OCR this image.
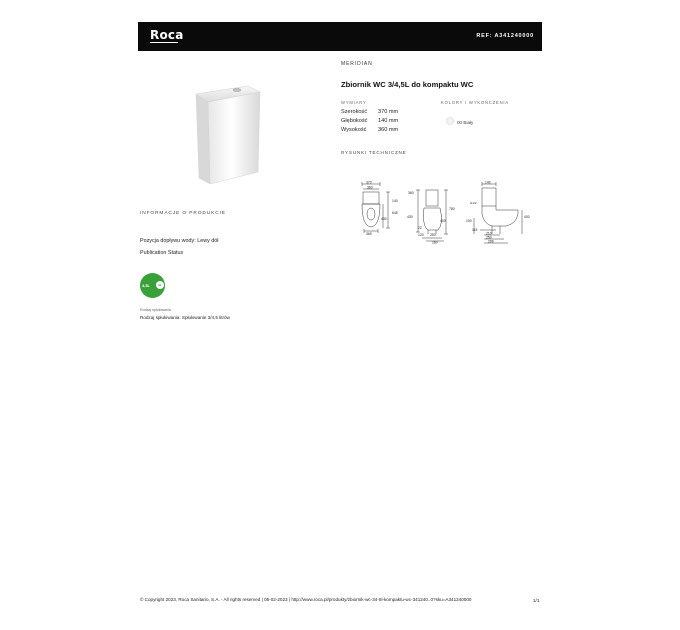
Roca	REF: A341240000
MERIDIAN
Zbiornik WC 3/4,5L do kompaktu WC
WYMIARY
Szerokość 370 mm
Głębokość 140 mm
Wysokość 360 mm
KOLORY I WYKOŃCZENIA
00 Biały
RYSUNKI TECHNICZNE
370
360
140
645
430
369
360
780
430
400
22
120 250
260
140
G1/2
100
400
115
210
250
299
INFORMACJE O PRODUKCIE
Pozycja dopływu wody: Lewy dół
Publication Status
4,5L	3L
Rodzaj spłukiwania
Rodzaj spłukiwania: Spłukiwanie 3/4,5 litrów
© Copyright 2023, Roca Sanitario, S.A. - All rights reserved | 05-02-2023 | http://www.roca.pl/produkty/zbiornik-wc-34-5l-kompaktu-wc-341240..0?sku=A341240000	1/1
